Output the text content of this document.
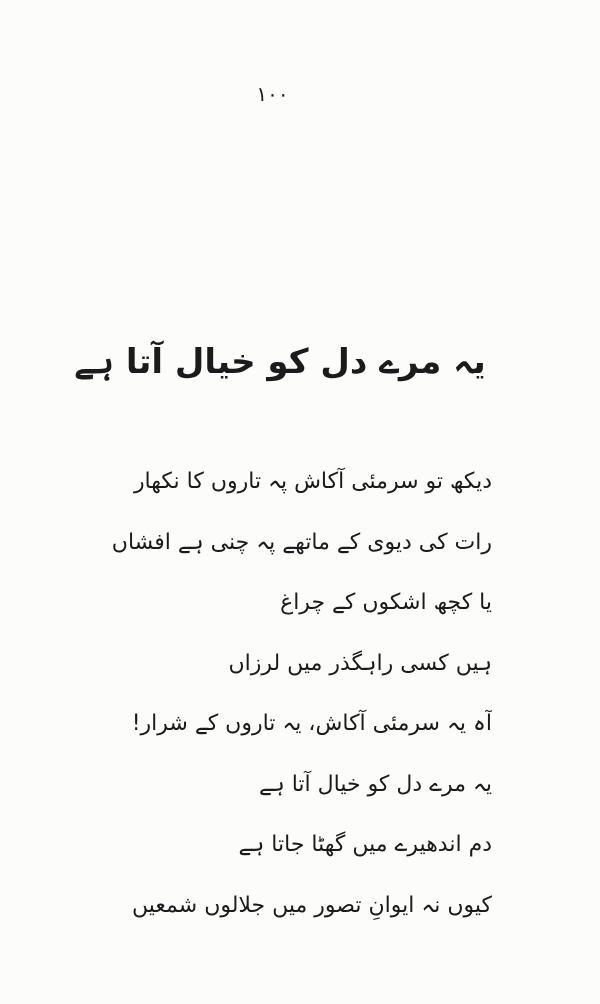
۱۰۰
یہ مرے دل کو خیال آتا ہے
دیکھ تو سرمئی آکاش پہ تاروں کا نکھار
رات کی دیوی کے ماتھے پہ چنی ہے افشاں
یا کچھ اشکوں کے چراغ
ہیں کسی راہگذر میں لرزاں
آہ یہ سرمئی آکاش، یہ تاروں کے شرار!
یہ مرے دل کو خیال آتا ہے
دم اندھیرے میں گھٹا جاتا ہے
کیوں نہ ایوانِ تصور میں جلالوں شمعیں
